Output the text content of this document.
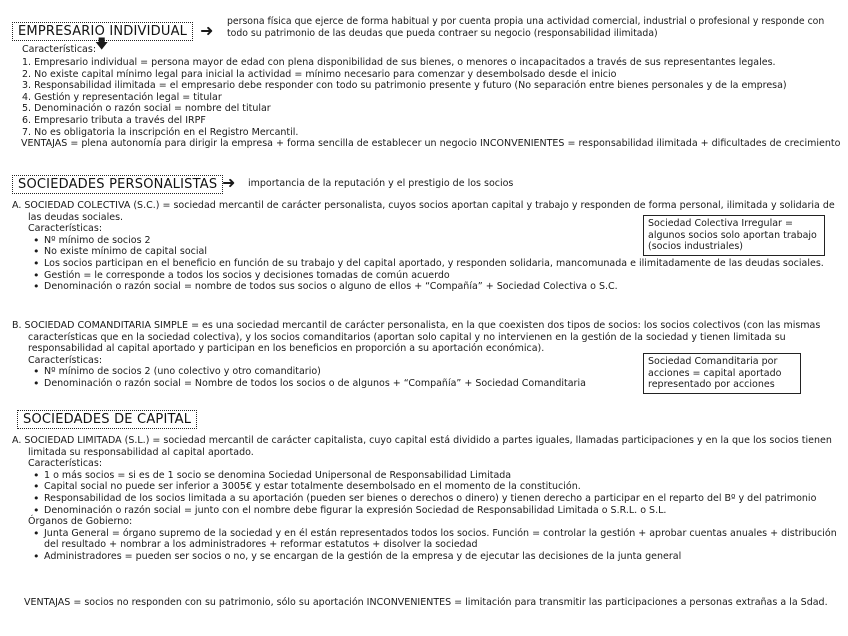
EMPRESARIO INDIVIDUAL ➜ persona física que ejerce de forma habitual y por cuenta propia una actividad comercial, industrial o profesional y responde con todo su patrimonio de las deudas que pueda contraer su negocio (responsabilidad ilimitada)
Características:
🡇
1. Empresario individual = persona mayor de edad con plena disponibilidad de sus bienes, o menores o incapacitados a través de sus representantes legales.
2. No existe capital mínimo legal para inicial la actividad = mínimo necesario para comenzar y desembolsado desde el inicio
3. Responsabilidad ilimitada = el empresario debe responder con todo su patrimonio presente y futuro (No separación entre bienes personales y de la empresa)
4. Gestión y representación legal = titular
5. Denominación o razón social = nombre del titular
6. Empresario tributa a través del IRPF
7. No es obligatoria la inscripción en el Registro Mercantil.
VENTAJAS = plena autonomía para dirigir la empresa + forma sencilla de establecer un negocio INCONVENIENTES = responsabilidad ilimitada + dificultades de crecimiento
SOCIEDADES PERSONALISTAS ➜ importancia de la reputación y el prestigio de los socios
A. SOCIEDAD COLECTIVA (S.C.) = sociedad mercantil de carácter personalista, cuyos socios aportan capital y trabajo y responden de forma personal, ilimitada y solidaria de
las deudas sociales.
Características:
• Nº mínimo de socios 2
• No existe mínimo de capital social
• Los socios participan en el beneficio en función de su trabajo y del capital aportado, y responden solidaria, mancomunada e ilimitadamente de las deudas sociales.
• Gestión = le corresponde a todos los socios y decisiones tomadas de común acuerdo
• Denominación o razón social = nombre de todos sus socios o alguno de ellos + “Compañía” + Sociedad Colectiva o S.C.
Sociedad Colectiva Irregular = algunos socios solo aportan trabajo (socios industriales)
B. SOCIEDAD COMANDITARIA SIMPLE = es una sociedad mercantil de carácter personalista, en la que coexisten dos tipos de socios: los socios colectivos (con las mismas
características que en la sociedad colectiva), y los socios comanditarios (aportan solo capital y no intervienen en la gestión de la sociedad y tienen limitada su
responsabilidad al capital aportado y participan en los beneficios en proporción a su aportación económica).
Características:
• Nº mínimo de socios 2 (uno colectivo y otro comanditario)
• Denominación o razón social = Nombre de todos los socios o de algunos + “Compañía” + Sociedad Comanditaria
Sociedad Comanditaria por acciones = capital aportado representado por acciones
SOCIEDADES DE CAPITAL
A. SOCIEDAD LIMITADA (S.L.) = sociedad mercantil de carácter capitalista, cuyo capital está dividido a partes iguales, llamadas participaciones y en la que los socios tienen
limitada su responsabilidad al capital aportado.
Características:
• 1 o más socios = si es de 1 socio se denomina Sociedad Unipersonal de Responsabilidad Limitada
• Capital social no puede ser inferior a 3005€ y estar totalmente desembolsado en el momento de la constitución.
• Responsabilidad de los socios limitada a su aportación (pueden ser bienes o derechos o dinero) y tienen derecho a participar en el reparto del Bº y del patrimonio
• Denominación o razón social = junto con el nombre debe figurar la expresión Sociedad de Responsabilidad Limitada o S.R.L. o S.L.
Órganos de Gobierno:
• Junta General = órgano supremo de la sociedad y en él están representados todos los socios. Función = controlar la gestión + aprobar cuentas anuales + distribución
del resultado + nombrar a los administradores + reformar estatutos + disolver la sociedad
• Administradores = pueden ser socios o no, y se encargan de la gestión de la empresa y de ejecutar las decisiones de la junta general
VENTAJAS = socios no responden con su patrimonio, sólo su aportación INCONVENIENTES = limitación para transmitir las participaciones a personas extrañas a la Sdad.
